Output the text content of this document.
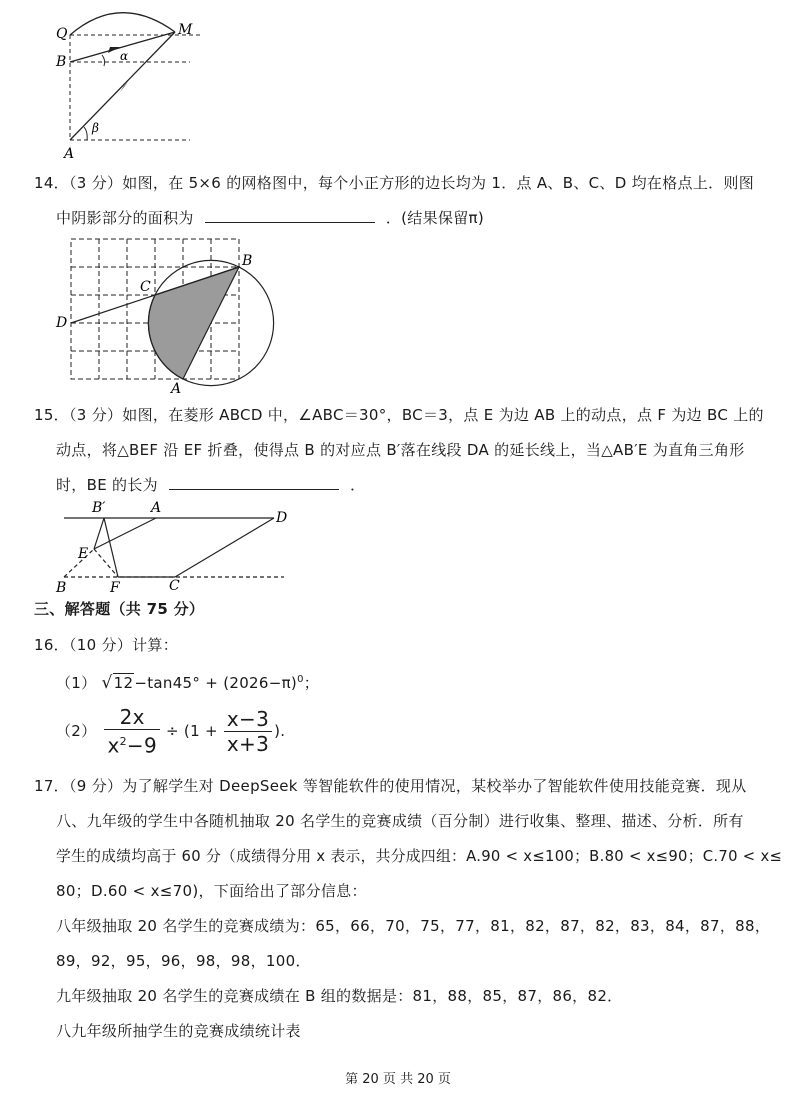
Q	M
B
A
α
β
14．（3 分）如图，在 5×6 的网格图中，每个小正方形的边长均为 1．点 A、B、C、D 均在格点上．则图
中阴影部分的面积为	．(结果保留π)
B
C
D
A
15．（3 分）如图，在菱形 ABCD 中，∠ABC＝30°，BC＝3，点 E 为边 AB 上的动点，点 F 为边 BC 上的
动点，将△BEF 沿 EF 折叠，使得点 B 的对应点 B′落在线段 DA 的延长线上，当△AB′E 为直角三角形
时，BE 的长为	．
B′	A
D
E
B	F	C
三、解答题（共 75 分）
16．（10 分）计算：
（1） $√12-\tan 45^\circ + (2026-\pi)^0$；
$(2) \frac{2x}{x^2-9} \div (1 + \frac{x-3}{x+3}$ ).
17．（9 分）为了解学生对 DeepSeek 等智能软件的使用情况，某校举办了智能软件使用技能竞赛．现从
八、九年级的学生中各随机抽取 20 名学生的竞赛成绩（百分制）进行收集、整理、描述、分析．所有
学生的成绩均高于 60 分（成绩得分用 x 表示，共分成四组：A.90 < x≤100；B.80 < x≤90；C.70 < x≤
80；D.60 < x≤70)，下面给出了部分信息：
八年级抽取 20 名学生的竞赛成绩为：65，66，70，75，77，81，82，87，82，83，84，87，88，
89，92，95，96，98，98，100．
九年级抽取 20 名学生的竞赛成绩在 B 组的数据是：81，88，85，87，86，82．
八九年级所抽学生的竞赛成绩统计表
第 20 页 共 20 页
